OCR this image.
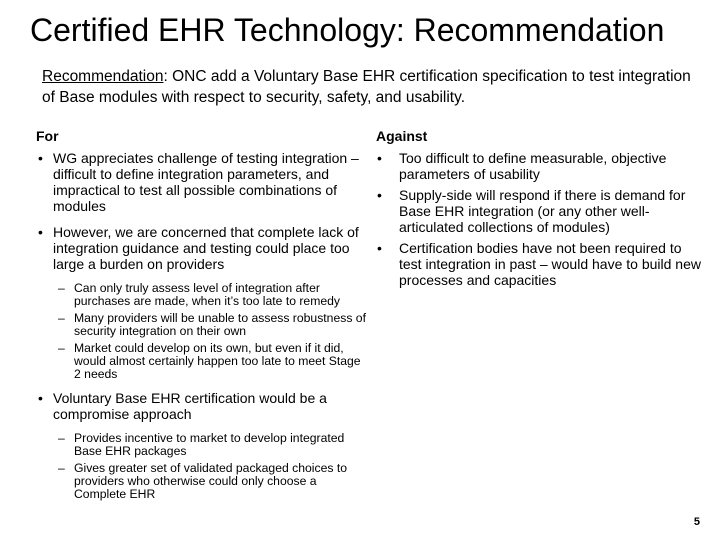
Certified EHR Technology: Recommendation
Recommendation: ONC add a Voluntary Base EHR certification specification to test integration of Base modules with respect to security, safety, and usability.
For
• WG appreciates challenge of testing integration – difficult to define integration parameters, and impractical to test all possible combinations of modules
• However, we are concerned that complete lack of integration guidance and testing could place too large a burden on providers
– Can only truly assess level of integration after purchases are made, when it’s too late to remedy
– Many providers will be unable to assess robustness of security integration on their own
– Market could develop on its own, but even if it did, would almost certainly happen too late to meet Stage 2 needs
• Voluntary Base EHR certification would be a compromise approach
– Provides incentive to market to develop integrated Base EHR packages
– Gives greater set of validated packaged choices to providers who otherwise could only choose a Complete EHR
Against
• Too difficult to define measurable, objective parameters of usability
• Supply-side will respond if there is demand for Base EHR integration (or any other well-articulated collections of modules)
• Certification bodies have not been required to test integration in past – would have to build new processes and capacities
5
